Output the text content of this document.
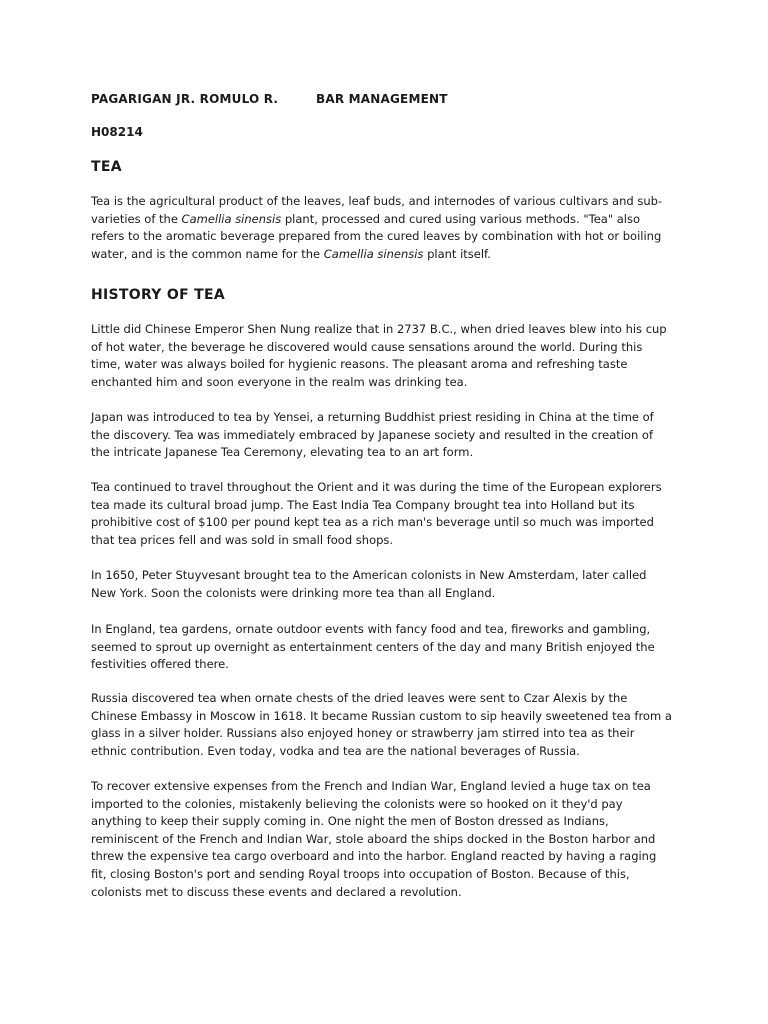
PAGARIGAN JR. ROMULO R.	BAR MANAGEMENT
H08214
TEA

Tea is the agricultural product of the leaves, leaf buds, and internodes of various cultivars and sub-
varieties of the Camellia sinensis plant, processed and cured using various methods. "Tea" also
refers to the aromatic beverage prepared from the cured leaves by combination with hot or boiling
water, and is the common name for the Camellia sinensis plant itself.

HISTORY OF TEA

Little did Chinese Emperor Shen Nung realize that in 2737 B.C., when dried leaves blew into his cup
of hot water, the beverage he discovered would cause sensations around the world. During this
time, water was always boiled for hygienic reasons. The pleasant aroma and refreshing taste
enchanted him and soon everyone in the realm was drinking tea.

Japan was introduced to tea by Yensei, a returning Buddhist priest residing in China at the time of
the discovery. Tea was immediately embraced by Japanese society and resulted in the creation of
the intricate Japanese Tea Ceremony, elevating tea to an art form.

Tea continued to travel throughout the Orient and it was during the time of the European explorers
tea made its cultural broad jump. The East India Tea Company brought tea into Holland but its
prohibitive cost of $100 per pound kept tea as a rich man's beverage until so much was imported
that tea prices fell and was sold in small food shops.

In 1650, Peter Stuyvesant brought tea to the American colonists in New Amsterdam, later called
New York. Soon the colonists were drinking more tea than all England.

In England, tea gardens, ornate outdoor events with fancy food and tea, fireworks and gambling,
seemed to sprout up overnight as entertainment centers of the day and many British enjoyed the
festivities offered there.

Russia discovered tea when ornate chests of the dried leaves were sent to Czar Alexis by the
Chinese Embassy in Moscow in 1618. It became Russian custom to sip heavily sweetened tea from a
glass in a silver holder. Russians also enjoyed honey or strawberry jam stirred into tea as their
ethnic contribution. Even today, vodka and tea are the national beverages of Russia.

To recover extensive expenses from the French and Indian War, England levied a huge tax on tea
imported to the colonies, mistakenly believing the colonists were so hooked on it they'd pay
anything to keep their supply coming in. One night the men of Boston dressed as Indians,
reminiscent of the French and Indian War, stole aboard the ships docked in the Boston harbor and
threw the expensive tea cargo overboard and into the harbor. England reacted by having a raging
fit, closing Boston's port and sending Royal troops into occupation of Boston. Because of this,
colonists met to discuss these events and declared a revolution.
